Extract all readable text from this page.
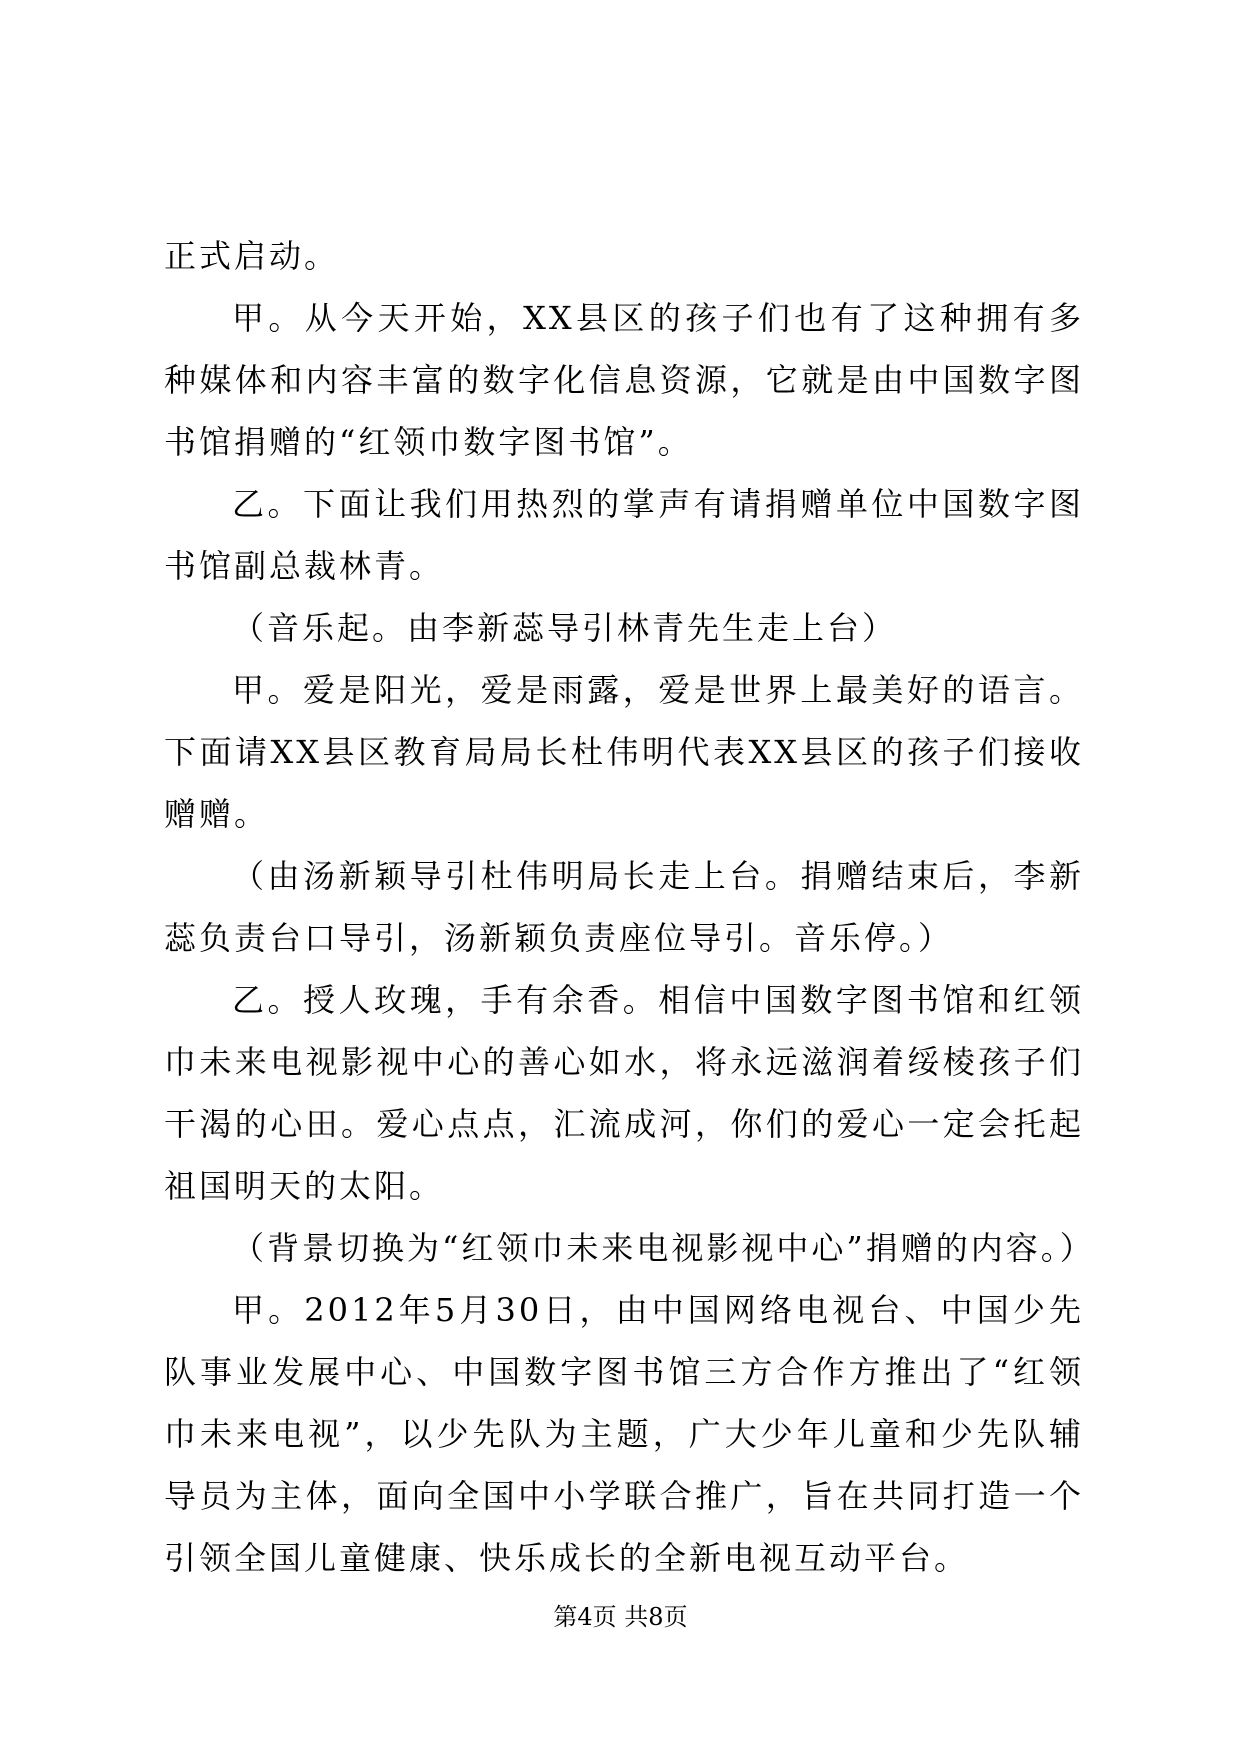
正式启动。

甲。从今天开始，XX县区的孩子们也有了这种拥有多种媒体和内容丰富的数字化信息资源，它就是由中国数字图书馆捐赠的“红领巾数字图书馆”。

乙。下面让我们用热烈的掌声有请捐赠单位中国数字图书馆副总裁林青。

（音乐起。由李新蕊导引林青先生走上台）

甲。爱是阳光，爱是雨露，爱是世界上最美好的语言。下面请XX县区教育局局长杜伟明代表XX县区的孩子们接收赠赠。

（由汤新颖导引杜伟明局长走上台。捐赠结束后，李新蕊负责台口导引，汤新颖负责座位导引。音乐停。）

乙。授人玫瑰，手有余香。相信中国数字图书馆和红领巾未来电视影视中心的善心如水，将永远滋润着绥棱孩子们干渴的心田。爱心点点，汇流成河，你们的爱心一定会托起祖国明天的太阳。

（背景切换为“红领巾未来电视影视中心”捐赠的内容。）

甲。2012年5月30日，由中国网络电视台、中国少先队事业发展中心、中国数字图书馆三方合作方推出了“红领巾未来电视”，以少先队为主题，广大少年儿童和少先队辅导员为主体，面向全国中小学联合推广，旨在共同打造一个引领全国儿童健康、快乐成长的全新电视互动平台。

第4页 共8页
